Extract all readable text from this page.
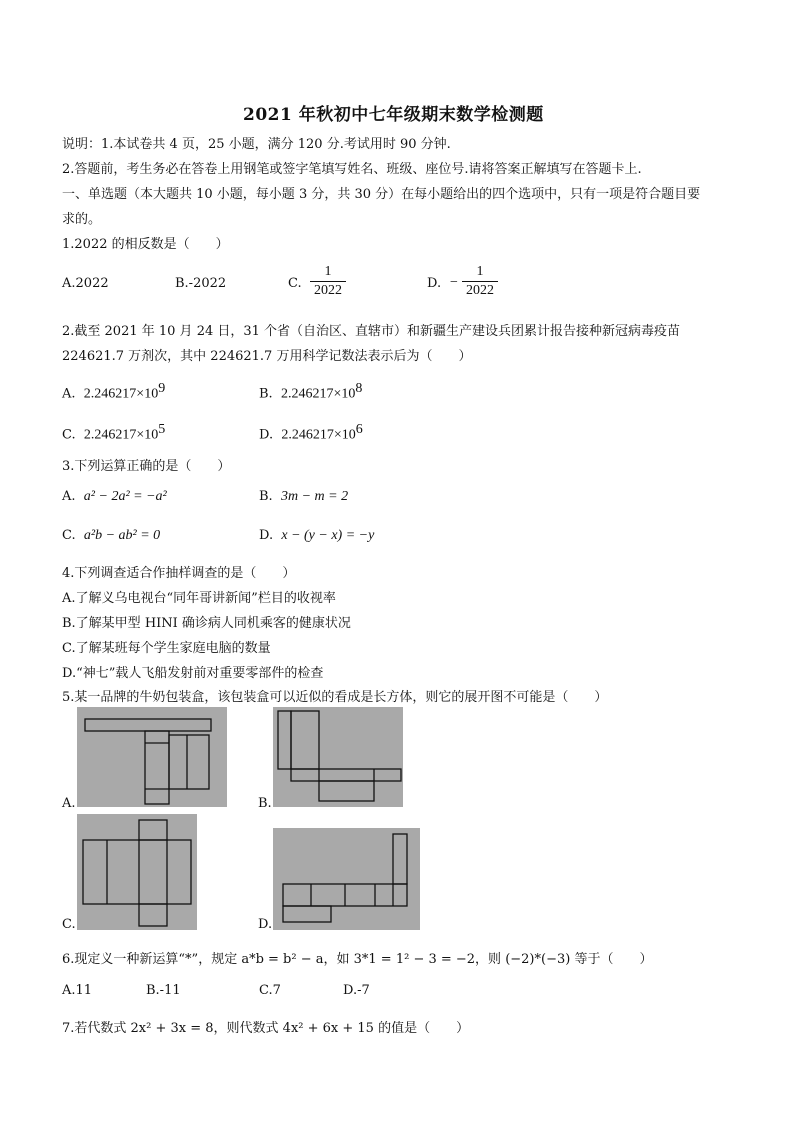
2021 年秋初中七年级期末数学检测题
说明：1.本试卷共 4 页，25 小题，满分 120 分.考试用时 90 分钟.
2.答题前，考生务必在答卷上用钢笔或签字笔填写姓名、班级、座位号.请将答案正解填写在答题卡上.
一、单选题（本大题共 10 小题，每小题 3 分，共 30 分）在每小题给出的四个选项中，只有一项是符合题目要
求的。
1.2022 的相反数是（　　）
A.2022	B.-2022	C.
1
2022	D. −
1
2022
2.截至 2021 年 10 月 24 日，31 个省（自治区、直辖市）和新疆生产建设兵团累计报告接种新冠病毒疫苗
224621.7 万剂次，其中 224621.7 万用科学记数法表示后为（　　）
A. $2.246217\times 10^9$	B. $2.246217\times 10^8$
C. $2.246217\times 10^5$	D. $2.246217\times 10^6$
3.下列运算正确的是（　　）
A. a² − 2a² = −a²	B. 3m − m = 2
C. a²b − ab² = 0	D. x − (y − x) = −y
4.下列调查适合作抽样调查的是（　　）
A.了解义乌电视台“同年哥讲新闻”栏目的收视率
B.了解某甲型 HINI 确诊病人同机乘客的健康状况
C.了解某班每个学生家庭电脑的数量
D.“神七”载人飞船发射前对重要零部件的检查
5.某一品牌的牛奶包装盒，该包装盒可以近似的看成是长方体，则它的展开图不可能是（　　）
A.	B.
C.	D.
6.现定义一种新运算“*”，规定 a*b = b² − a，如 3*1 = 1² − 3 = −2，则 (−2)*(−3) 等于（　　）
A.11	B.-11	C.7	D.-7
7.若代数式 2x² + 3x = 8，则代数式 4x² + 6x + 15 的值是（　　）
